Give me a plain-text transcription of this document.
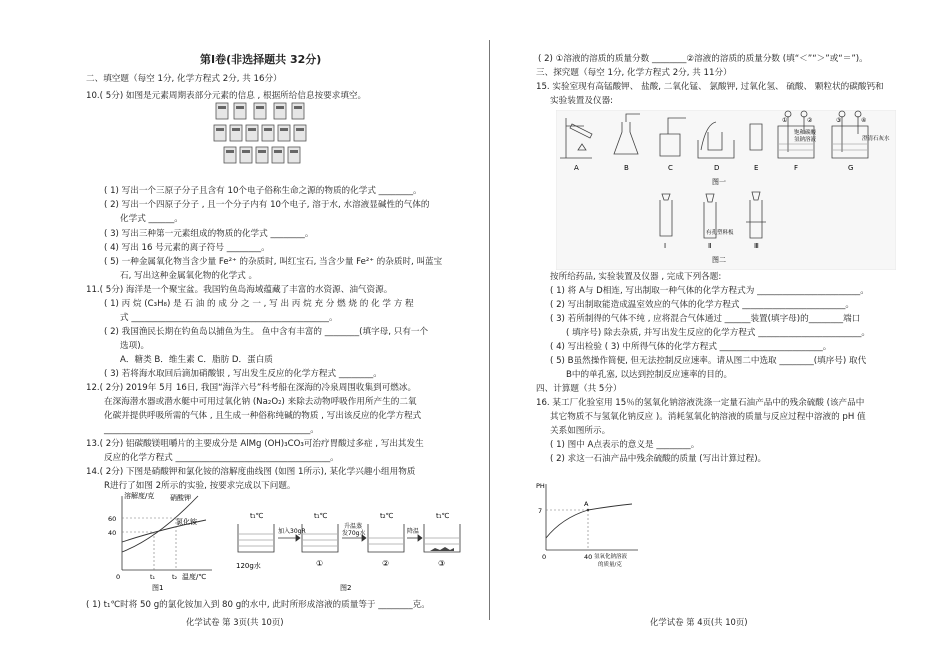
第Ⅰ卷(非选择题共 32分)
二、填空题（每空 1分, 化学方程式 2分, 共 16分）
10.( 5分) 如图是元素周期表部分元素的信息 , 根据所给信息按要求填空。
( 1) 写出一个三原子分子且含有 10个电子俗称生命之源的物质的化学式 ________。
( 2) 写出一个四原子分子 , 且一个分子内有 10个电子, 溶于水, 水溶液显碱性的气体的
化学式 ______。
( 3) 写出三种第一元素组成的物质的化学式 ________。
( 4) 写出 16 号元素的离子符号 ________。
( 5) 一种金属氧化物当含少量 Fe²⁺ 的杂质时, 叫红宝石, 当含少量 Fe²⁺ 的杂质时, 叫蓝宝
石, 写出这种金属氧化物的化学式 。
11.( 5分) 海洋是一个聚宝盆。我国钓鱼岛海域蕴藏了丰富的水资源、油气资源。
( 1) 丙 烷 (C₃H₈) 是 石 油 的 成 分 之 一 , 写 出 丙 烷 充 分 燃 烧 的 化 学 方 程
式 ______________________________________________。
( 2) 我国渔民长期在钓鱼岛以捕鱼为生。 鱼中含有丰富的 ________(填字母, 只有一个
选项)。
A．糖类 B．维生素 C．脂肪 D．蛋白质
( 3) 若将海水取回后滴加硝酸银 , 写出发生反应的化学方程式 ________。
12.( 2分) 2019年 5月 16日, 我国“海洋六号”科考船在深海的冷泉周围收集到可燃冰。
在深海潜水器或潜水艇中可用过氧化钠 (Na₂O₂) 来除去动物呼吸作用所产生的二氧
化碳并提供呼吸所需的气体 , 且生成一种俗称纯碱的物质 , 写出该反应的化学方程式
________________________________________________。
13.( 2分) 铝碳酸镁咀嚼片的主要成分是 AlMg (OH)₃CO₃可治疗胃酸过多症 , 写出其发生
反应的化学方程式 ____________________________________。
14.( 2分) 下图是硝酸钾和氯化铵的溶解度曲线图 (如图 1所示), 某化学兴趣小组用物质
R进行了如图 2所示的实验, 按要求完成以下问题。
溶解度/克 硝酸钾
氯化铵
60
40
0	t₁	t₂ 温度/℃
图1
t₁℃	t₁℃	t₂℃	t₁℃
加入30gR
升温蒸
发70g水	降温
120g水	①	②	③
图2
( 1) t₁℃时将 50 g的氯化铵加入到 80 g的水中, 此时所形成溶液的质量等于 ________克。
化学试卷 第 3页(共 10页)
( 2) ①溶液的溶质的质量分数 ________②溶液的溶质的质量分数 (填“＜”“＞”或“＝”)。
三、探究题（每空 1分, 化学方程式 2分, 共 11分）
15. 实验室现有高锰酸钾、 盐酸, 二氧化锰、 氯酸钾, 过氧化氢、 硫酸、 颗粒状的碳酸钙和
实验装置及仪器:
A	B	C	D	E	F	G
①	②	③	④
饱和碳酸
氢钠溶液	澄清石灰水
图一
Ⅰ	Ⅱ	Ⅲ
有孔塑料板
图二
按所给药品, 实验装置及仪器 , 完成下列各题:
( 1) 将 A与 D相连, 写出制取一种气体的化学方程式为 ________________________。
( 2) 写出制取能造成温室效应的气体的化学方程式 ________________________。
( 3) 若所制得的气体不纯 , 应将混合气体通过 ______装置(填字母)的________端口
( 填序号) 除去杂质, 并写出发生反应的化学方程式 ________________________。
( 4) 写出检验 ( 3) 中所得气体的化学方程式 ________________________。
( 5) B虽然操作简便, 但无法控制反应速率。请从图二中选取 ________(填序号) 取代
B中的单孔塞, 以达到控制反应速率的目的。
四、计算题（共 5分）
16. 某工厂化验室用 15％的氢氧化钠溶液洗涤一定量石油产品中的残余硫酸 (该产品中
其它物质不与氢氧化钠反应 )。消耗氢氧化钠溶液的质量与反应过程中溶液的 pH 值
关系如图所示。
( 1) 图中 A点表示的意义是 ________。
( 2) 求这一石油产品中残余硫酸的质量 (写出计算过程)。
PH
A
7
0	40 氢氧化钠溶液
的质量/克
化学试卷 第 4页(共 10页)
